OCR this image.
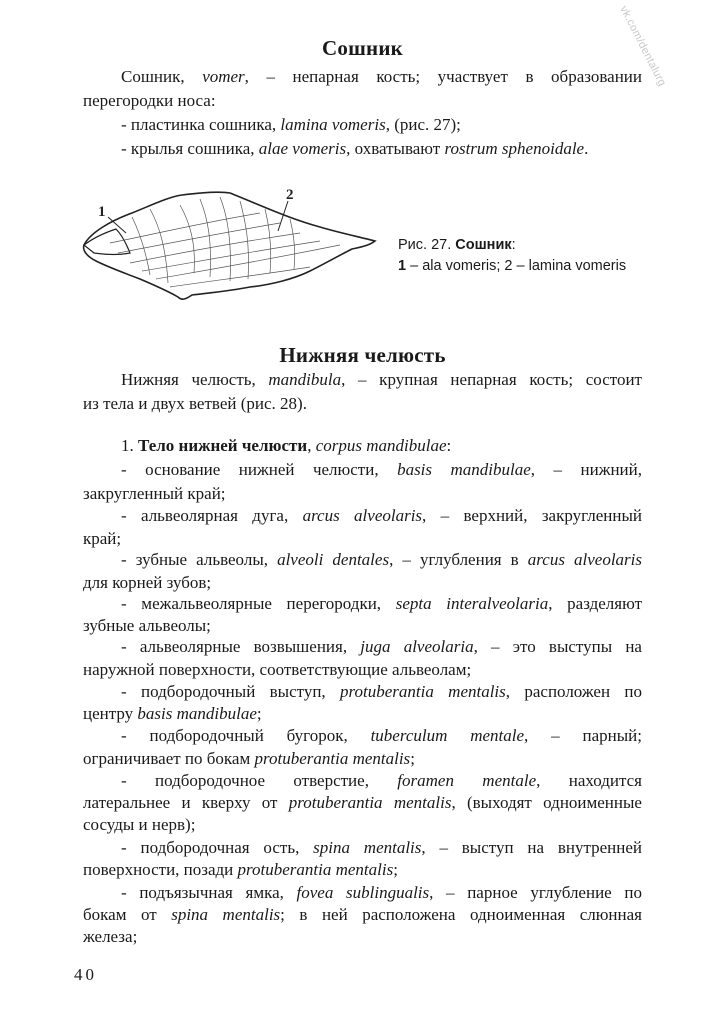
vk.com/dentalurg
Сошник
Сошник, vomer, – непарная кость; участвует в образовании
перегородки носа:
- пластинка сошника, lamina vomeris, (рис. 27);
- крылья сошника, alae vomeris, охватывают rostrum sphenoidale.
1
2
Рис. 27. Сошник:
1 – ala vomeris; 2 – lamina vomeris
Нижняя челюсть
Нижняя челюсть, mandibula, – крупная непарная кость; состоит
из тела и двух ветвей (рис. 28).
1. Тело нижней челюсти, corpus mandibulae:
- основание нижней челюсти, basis mandibulae, – нижний,
закругленный край;
- альвеолярная дуга, arcus alveolaris, – верхний, закругленный
край;
- зубные альвеолы, alveoli dentales, – углубления в arcus alveolaris
для корней зубов;
- межальвеолярные перегородки, septa interalveolaria, разделяют
зубные альвеолы;
- альвеолярные возвышения, juga alveolaria, – это выступы на
наружной поверхности, соответствующие альвеолам;
- подбородочный выступ, protuberantia mentalis, расположен по
центру basis mandibulae;
- подбородочный бугорок, tuberculum mentale, – парный;
ограничивает по бокам protuberantia mentalis;
- подбородочное отверстие, foramen mentale, находится
латеральнее и кверху от protuberantia mentalis, (выходят одноименные
сосуды и нерв);
- подбородочная ость, spina mentalis, – выступ на внутренней
поверхности, позади protuberantia mentalis;
- подъязычная ямка, fovea sublingualis, – парное углубление по
бокам от spina mentalis; в ней расположена одноименная слюнная
железа;
40
